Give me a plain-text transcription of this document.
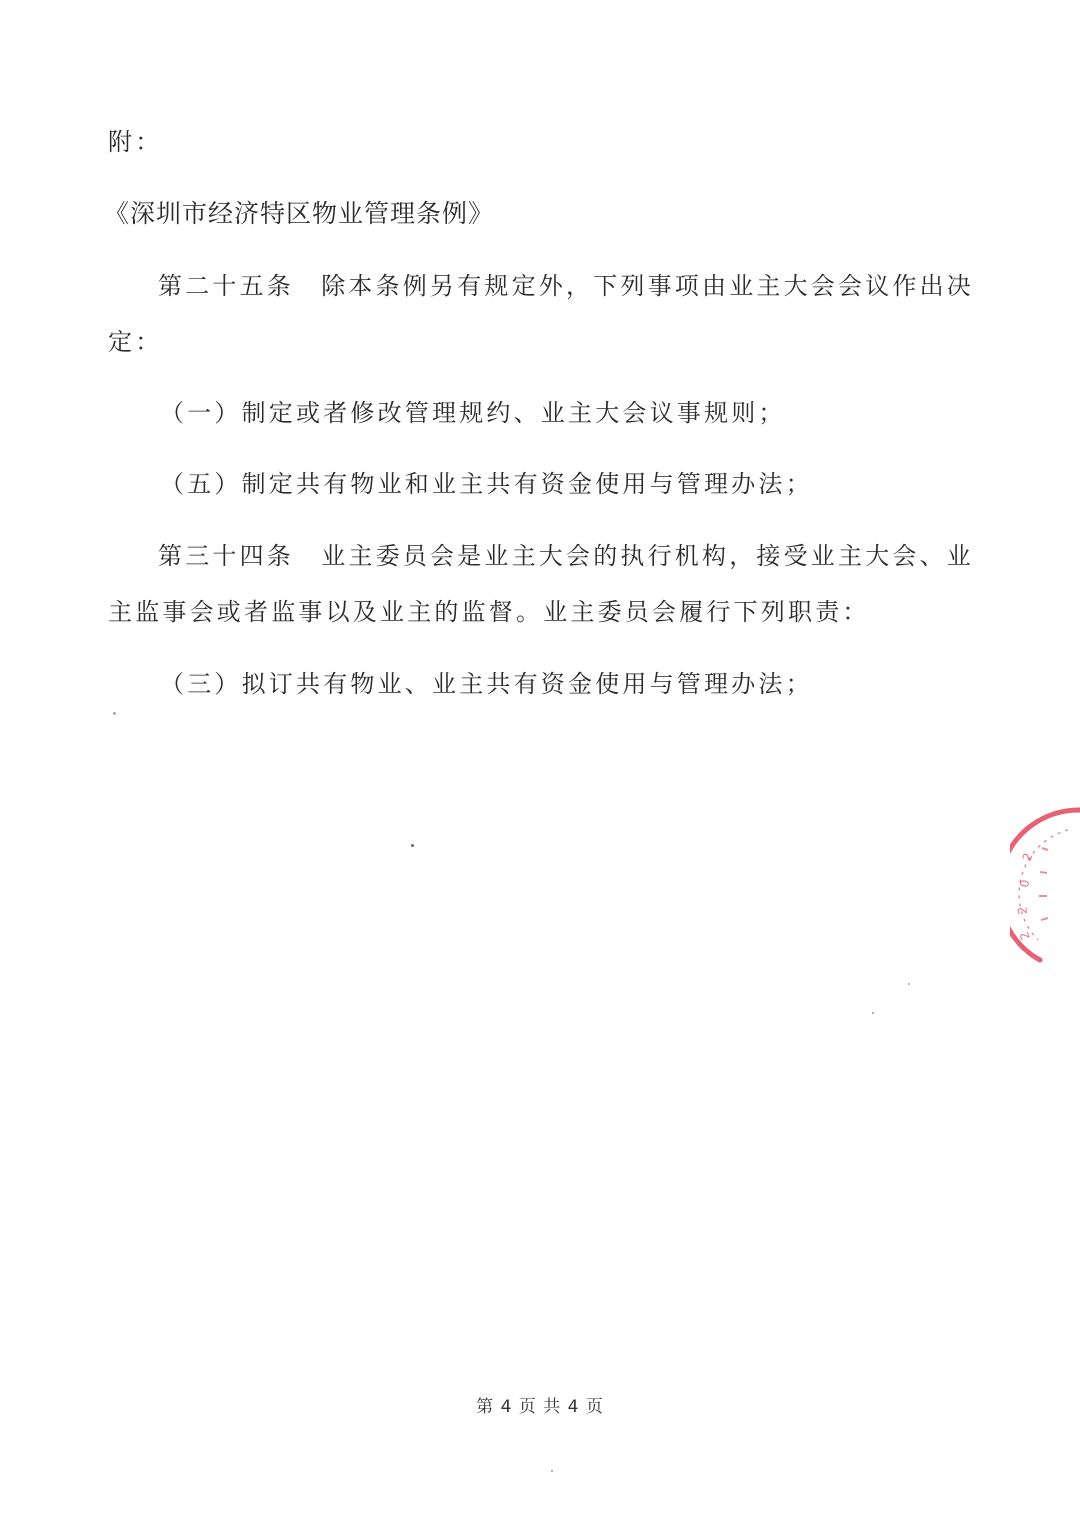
附：
《深圳市经济特区物业管理条例》
第二十五条　除本条例另有规定外，下列事项由业主大会会议作出决
定：
（一）制定或者修改管理规约、业主大会议事规则；
（五）制定共有物业和业主共有资金使用与管理办法；
第三十四条　业主委员会是业主大会的执行机构，接受业主大会、业
主监事会或者监事以及业主的监督。业主委员会履行下列职责：
（三）拟订共有物业、业主共有资金使用与管理办法；
2
0
2
2
第 4 页 共 4 页
